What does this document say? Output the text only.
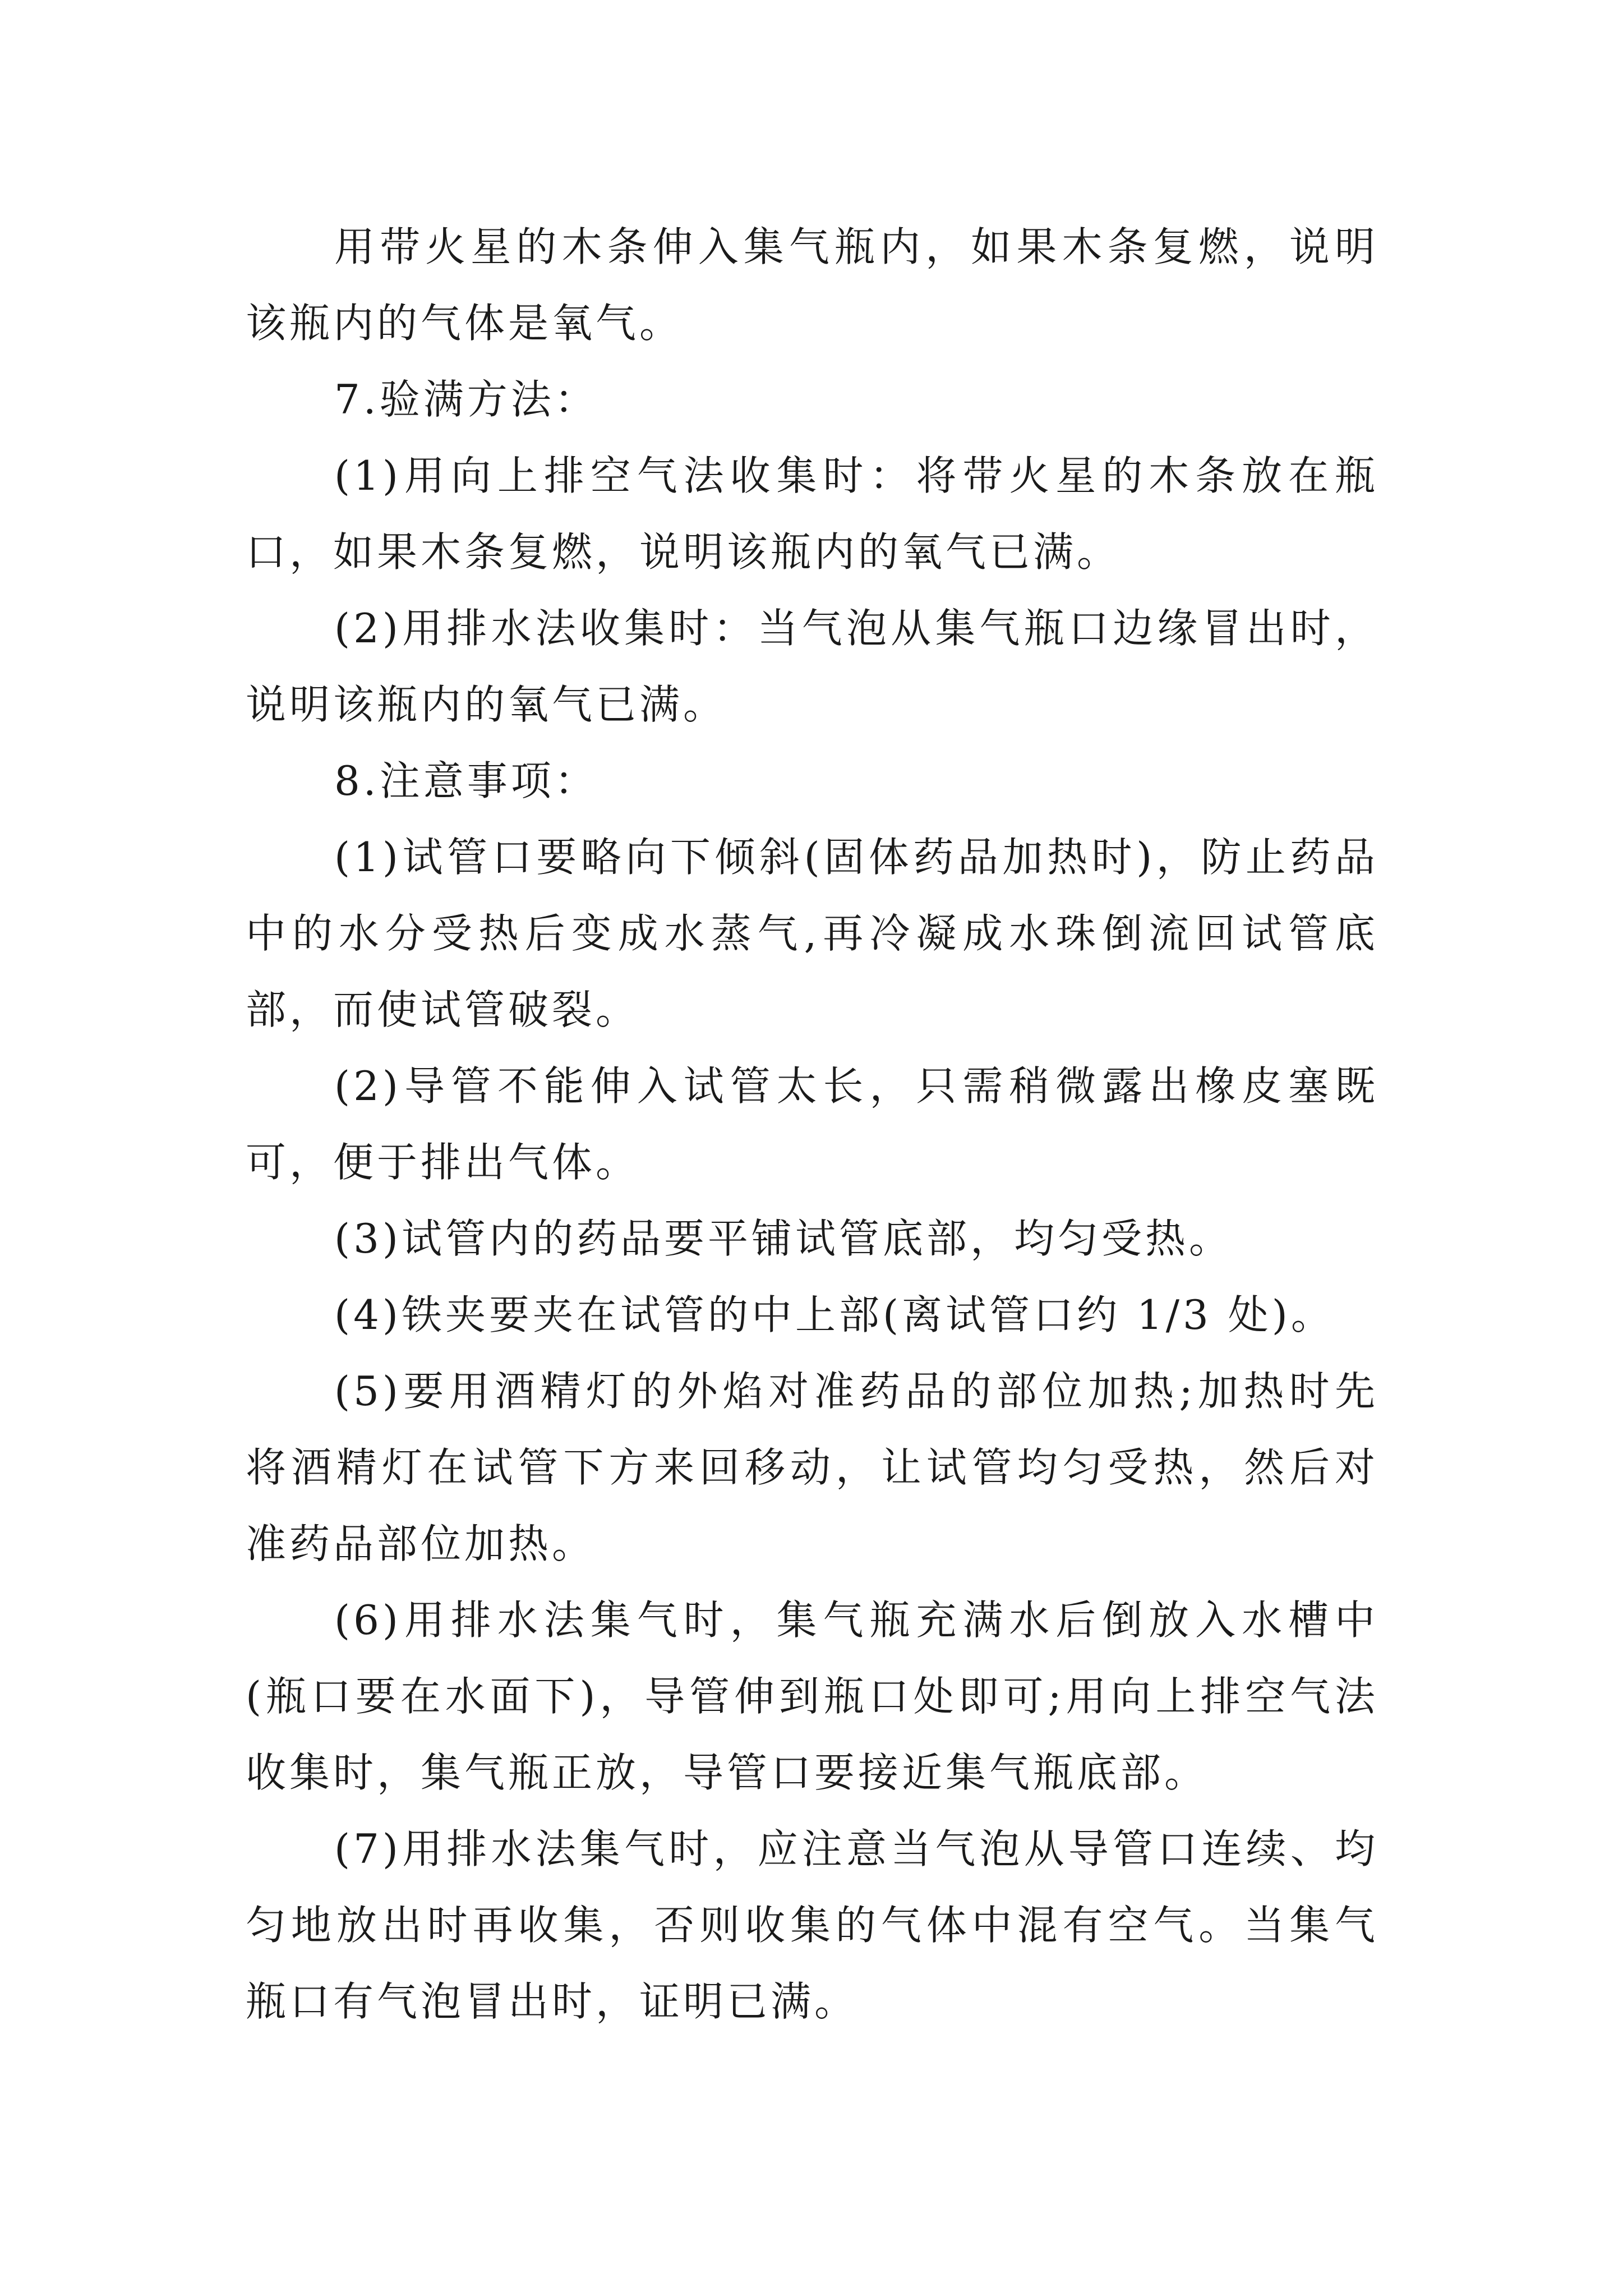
用带火星的木条伸入集气瓶内，如果木条复燃，说明该瓶内的气体是氧气。

7.验满方法：

(1)用向上排空气法收集时：将带火星的木条放在瓶口，如果木条复燃，说明该瓶内的氧气已满。

(2)用排水法收集时：当气泡从集气瓶口边缘冒出时，说明该瓶内的氧气已满。

8.注意事项：

(1)试管口要略向下倾斜(固体药品加热时)，防止药品中的水分受热后变成水蒸气,再冷凝成水珠倒流回试管底部，而使试管破裂。

(2)导管不能伸入试管太长，只需稍微露出橡皮塞既可，便于排出气体。

(3)试管内的药品要平铺试管底部，均匀受热。

(4)铁夹要夹在试管的中上部(离试管口约 1/3 处)。

(5)要用酒精灯的外焰对准药品的部位加热;加热时先将酒精灯在试管下方来回移动，让试管均匀受热，然后对准药品部位加热。

(6)用排水法集气时，集气瓶充满水后倒放入水槽中(瓶口要在水面下)，导管伸到瓶口处即可;用向上排空气法收集时，集气瓶正放，导管口要接近集气瓶底部。

(7)用排水法集气时，应注意当气泡从导管口连续、均匀地放出时再收集，否则收集的气体中混有空气。当集气瓶口有气泡冒出时，证明已满。
